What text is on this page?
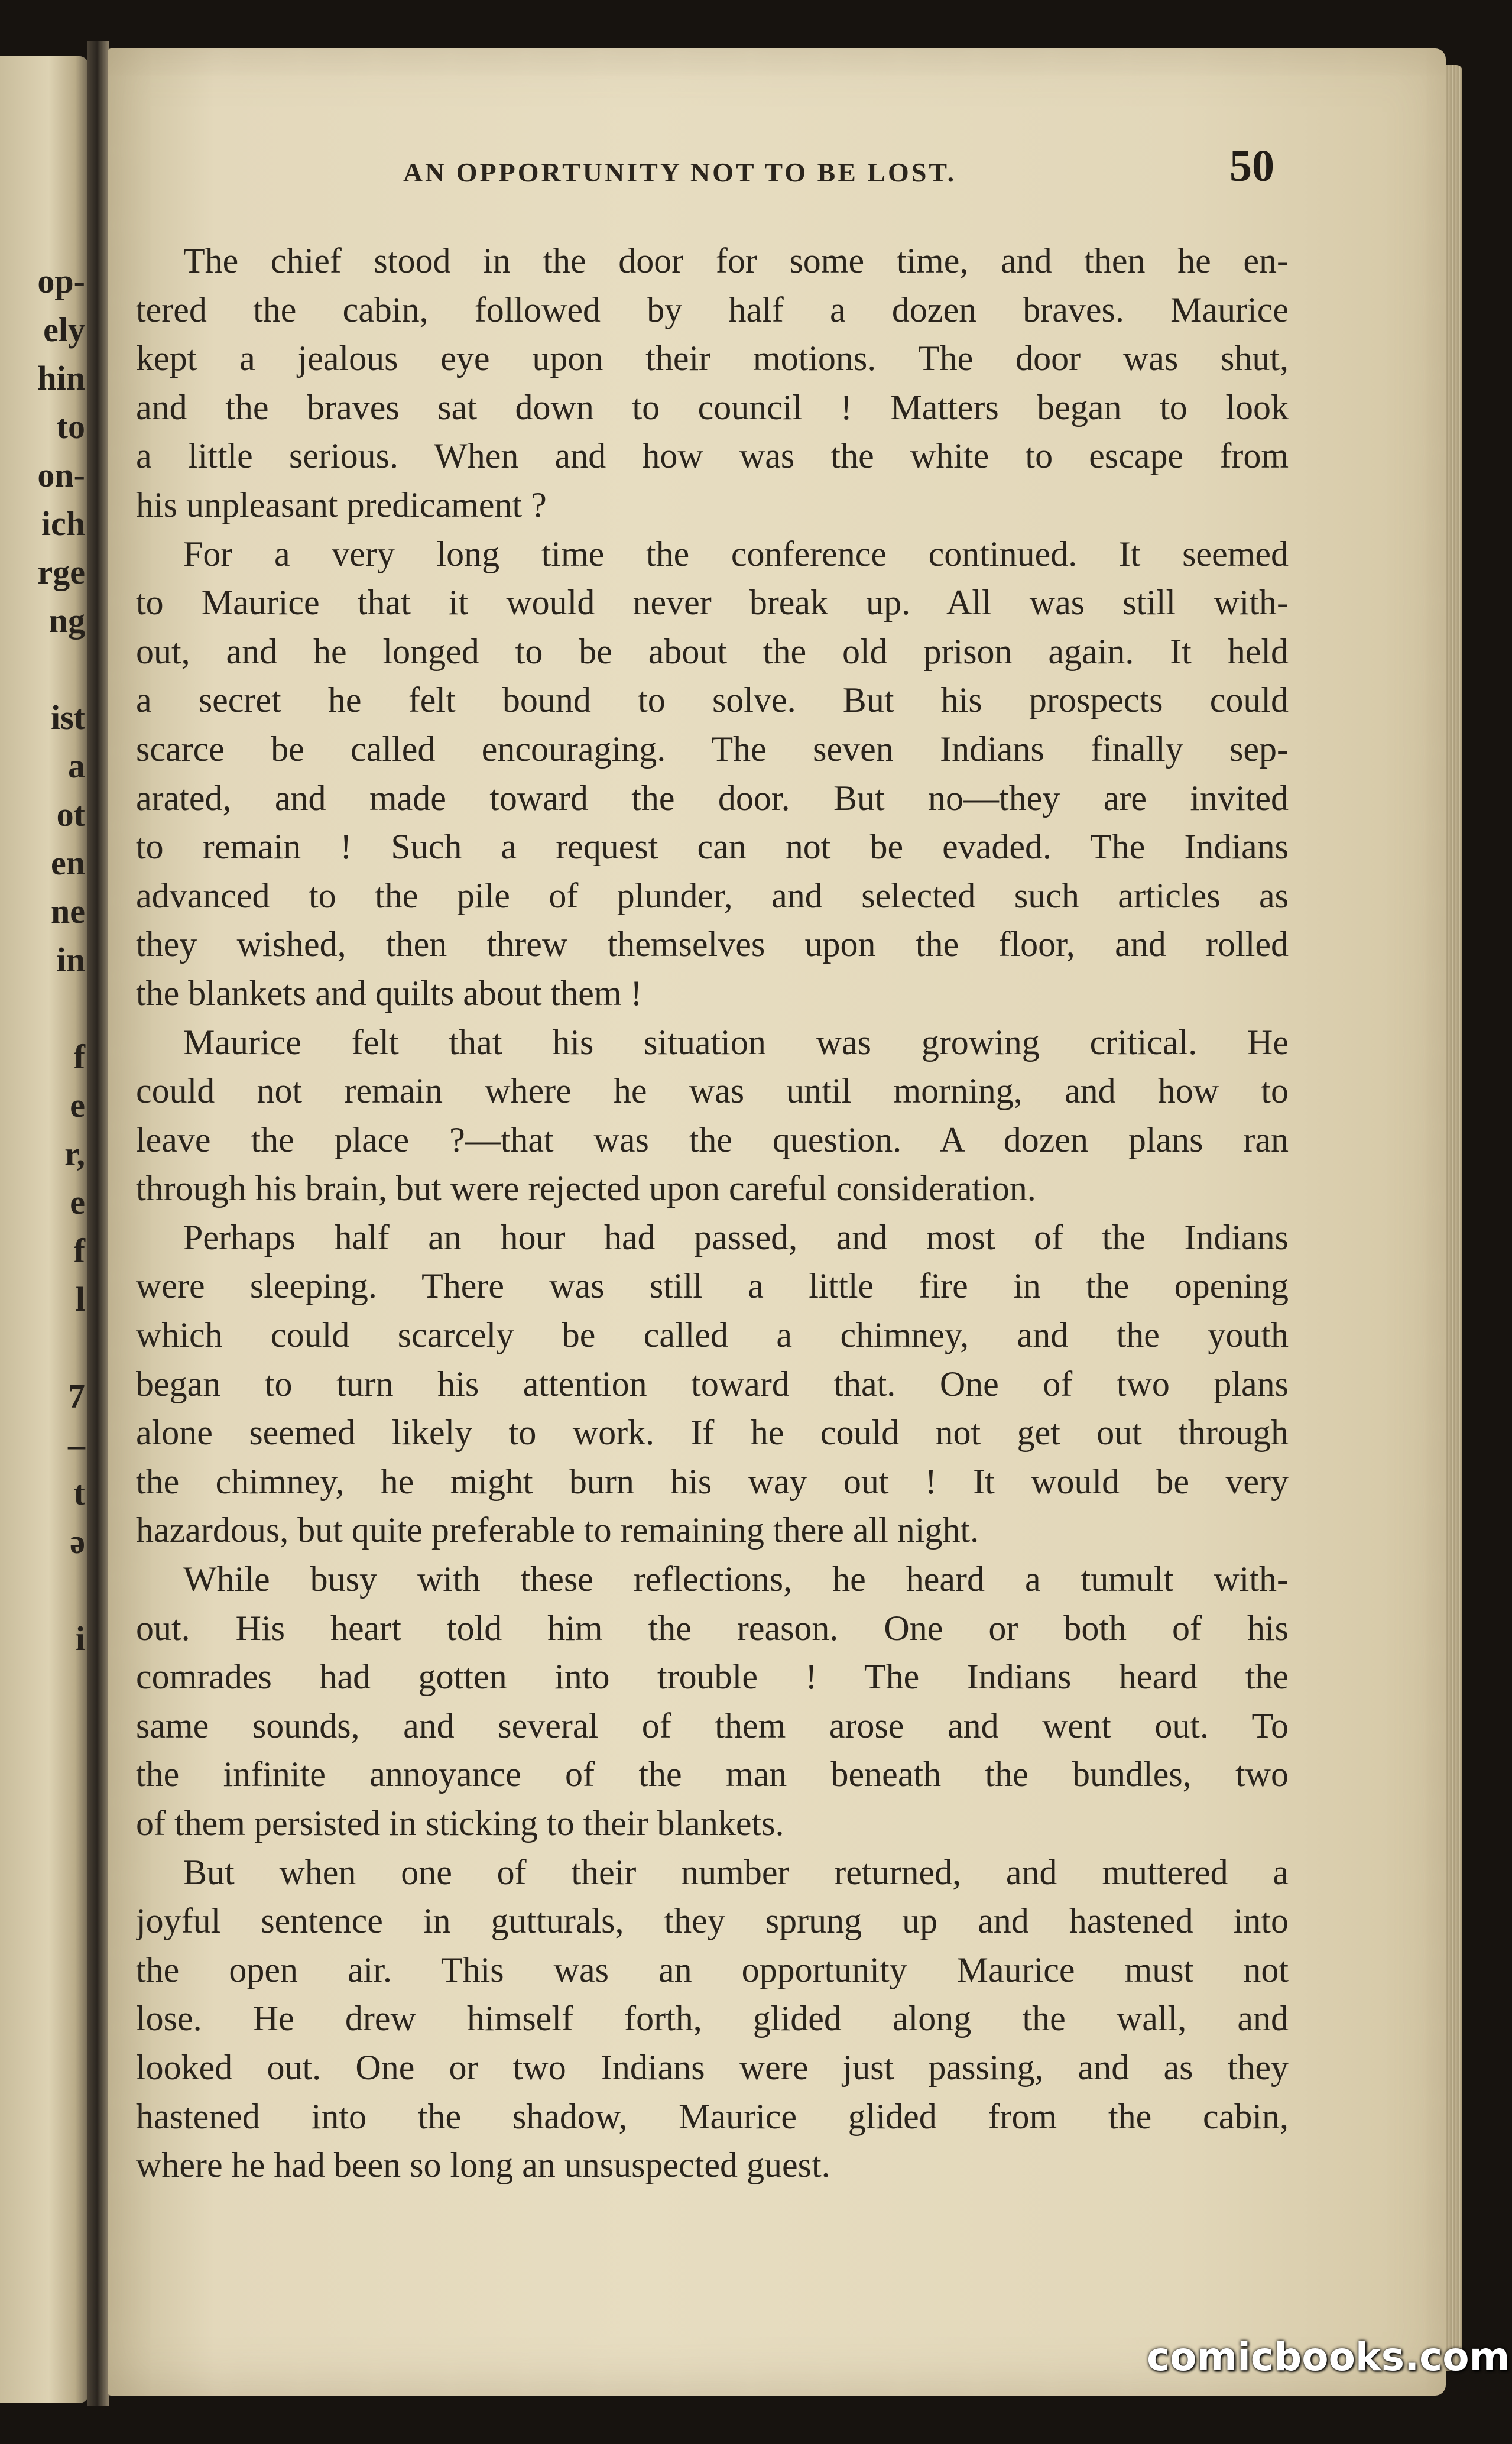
op-
ely
hin
to
on-
ich
rge
ng
ist
a
ot
en
ne
in
f
e
r,
e
f
l
7
–
t
ə
i
AN OPPORTUNITY NOT TO BE LOST.	50
The chief stood in the door for some time, and then he en-
tered the cabin, followed by half a dozen braves. Maurice
kept a jealous eye upon their motions. The door was shut,
and the braves sat down to council ! Matters began to look
a little serious. When and how was the white to escape from
his unpleasant predicament ?
For a very long time the conference continued. It seemed
to Maurice that it would never break up. All was still with-
out, and he longed to be about the old prison again. It held
a secret he felt bound to solve. But his prospects could
scarce be called encouraging. The seven Indians finally sep-
arated, and made toward the door. But no—they are invited
to remain ! Such a request can not be evaded. The Indians
advanced to the pile of plunder, and selected such articles as
they wished, then threw themselves upon the floor, and rolled
the blankets and quilts about them !
Maurice felt that his situation was growing critical. He
could not remain where he was until morning, and how to
leave the place ?—that was the question. A dozen plans ran
through his brain, but were rejected upon careful consideration.
Perhaps half an hour had passed, and most of the Indians
were sleeping. There was still a little fire in the opening
which could scarcely be called a chimney, and the youth
began to turn his attention toward that. One of two plans
alone seemed likely to work. If he could not get out through
the chimney, he might burn his way out ! It would be very
hazardous, but quite preferable to remaining there all night.
While busy with these reflections, he heard a tumult with-
out. His heart told him the reason. One or both of his
comrades had gotten into trouble ! The Indians heard the
same sounds, and several of them arose and went out. To
the infinite annoyance of the man beneath the bundles, two
of them persisted in sticking to their blankets.
But when one of their number returned, and muttered a
joyful sentence in gutturals, they sprung up and hastened into
the open air. This was an opportunity Maurice must not
lose. He drew himself forth, glided along the wall, and
looked out. One or two Indians were just passing, and as they
hastened into the shadow, Maurice glided from the cabin,
where he had been so long an unsuspected guest.
comicbooks.com
